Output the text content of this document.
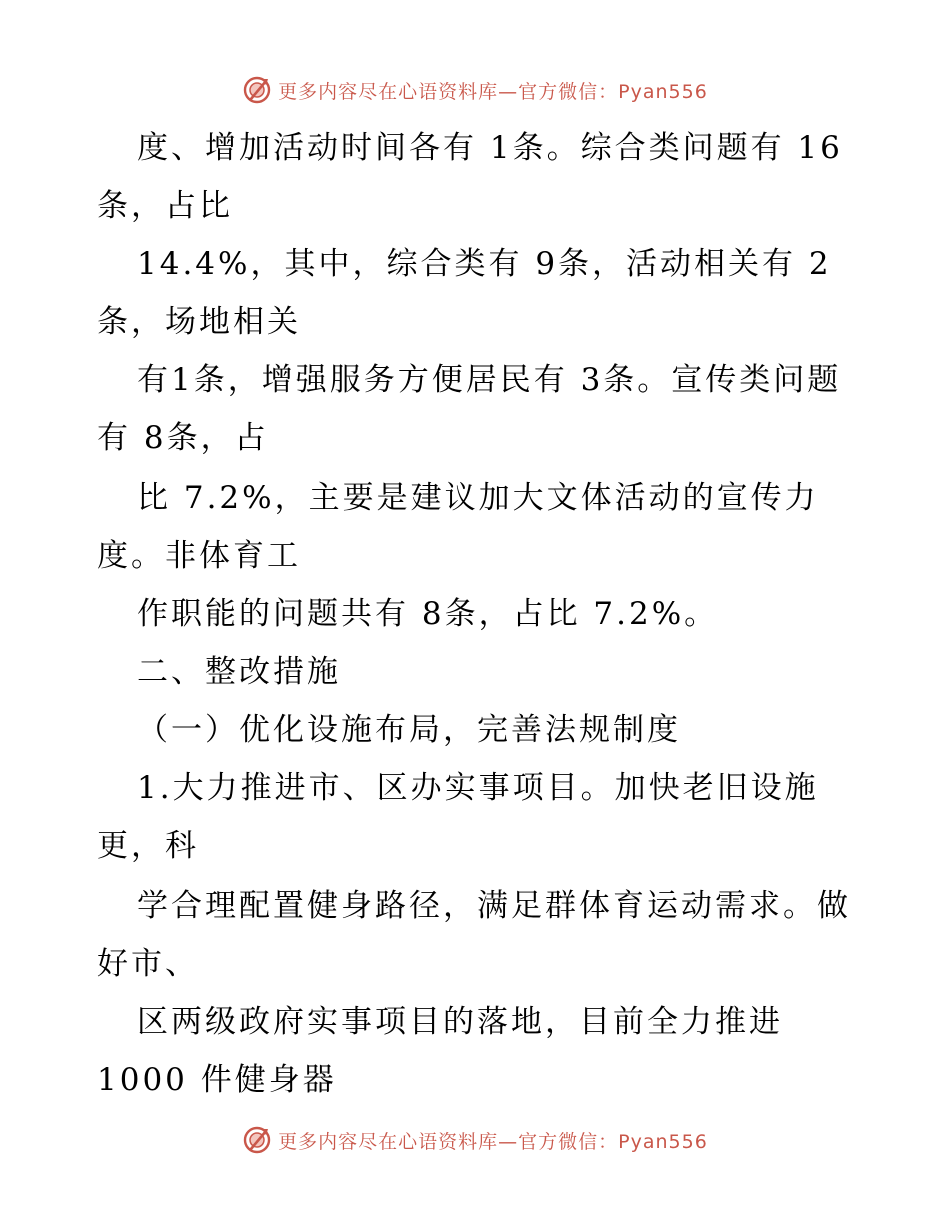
更多内容尽在心语资料库—官方微信：Pyan556
度、增加活动时间各有 1条。综合类问题有 16
条，占比
14.4%，其中，综合类有 9条，活动相关有 2
条，场地相关
有1条，增强服务方便居民有 3条。宣传类问题
有 8条，占
比 7.2%，主要是建议加大文体活动的宣传力
度。非体育工
作职能的问题共有 8条，占比 7.2%。
二、整改措施
（一）优化设施布局，完善法规制度
1.大力推进市、区办实事项目。加快老旧设施
更，科
学合理配置健身路径，满足群体育运动需求。做
好市、
区两级政府实事项目的落地，目前全力推进
1000 件健身器
更多内容尽在心语资料库—官方微信：Pyan556
